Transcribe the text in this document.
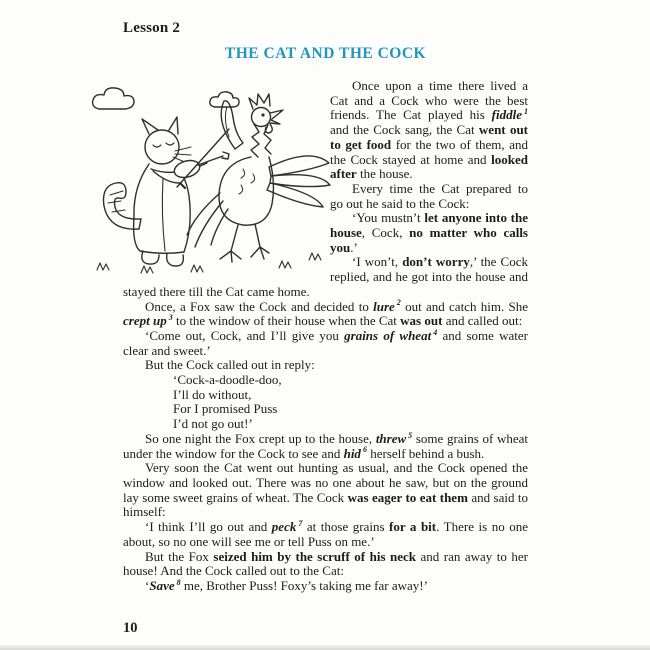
Lesson 2
THE CAT AND THE COCK

Once upon a time there lived a Cat and a Cock who were the best friends. The Cat played his fiddle $^1$ and the Cock sang, the Cat went out to get food for the two of them, and the Cock stayed at home and looked after the house.

Every time the Cat prepared to go out he said to the Cock:

‘You mustn’t let anyone into the house, Cock, no matter who calls you.’

‘I won’t, don’t worry,’ the Cock replied, and he got into the house and stayed there till the Cat came home.

Once, a Fox saw the Cock and decided to lure $^2$ out and catch him. She crept up $^3$ to the window of their house when the Cat was out and called out:

‘Come out, Cock, and I’ll give you grains of wheat $^4$ and some water clear and sweet.’

But the Cock called out in reply:

‘Cock-a-doodle-doo,

I’ll do without,

For I promised Puss

I’d not go out!’

So one night the Fox crept up to the house, threw $^5$ some grains of wheat under the window for the Cock to see and hid $^6$ herself behind a bush.

Very soon the Cat went out hunting as usual, and the Cock opened the window and looked out. There was no one about he saw, but on the ground lay some sweet grains of wheat. The Cock was eager to eat them and said to himself:

‘I think I’ll go out and peck $^7$ at those grains for a bit. There is no one about, so no one will see me or tell Puss on me.’

But the Fox seized him by the scruff of his neck and ran away to her house! And the Cock called out to the Cat:

‘Save $^8$ me, Brother Puss! Foxy’s taking me far away!’

10
